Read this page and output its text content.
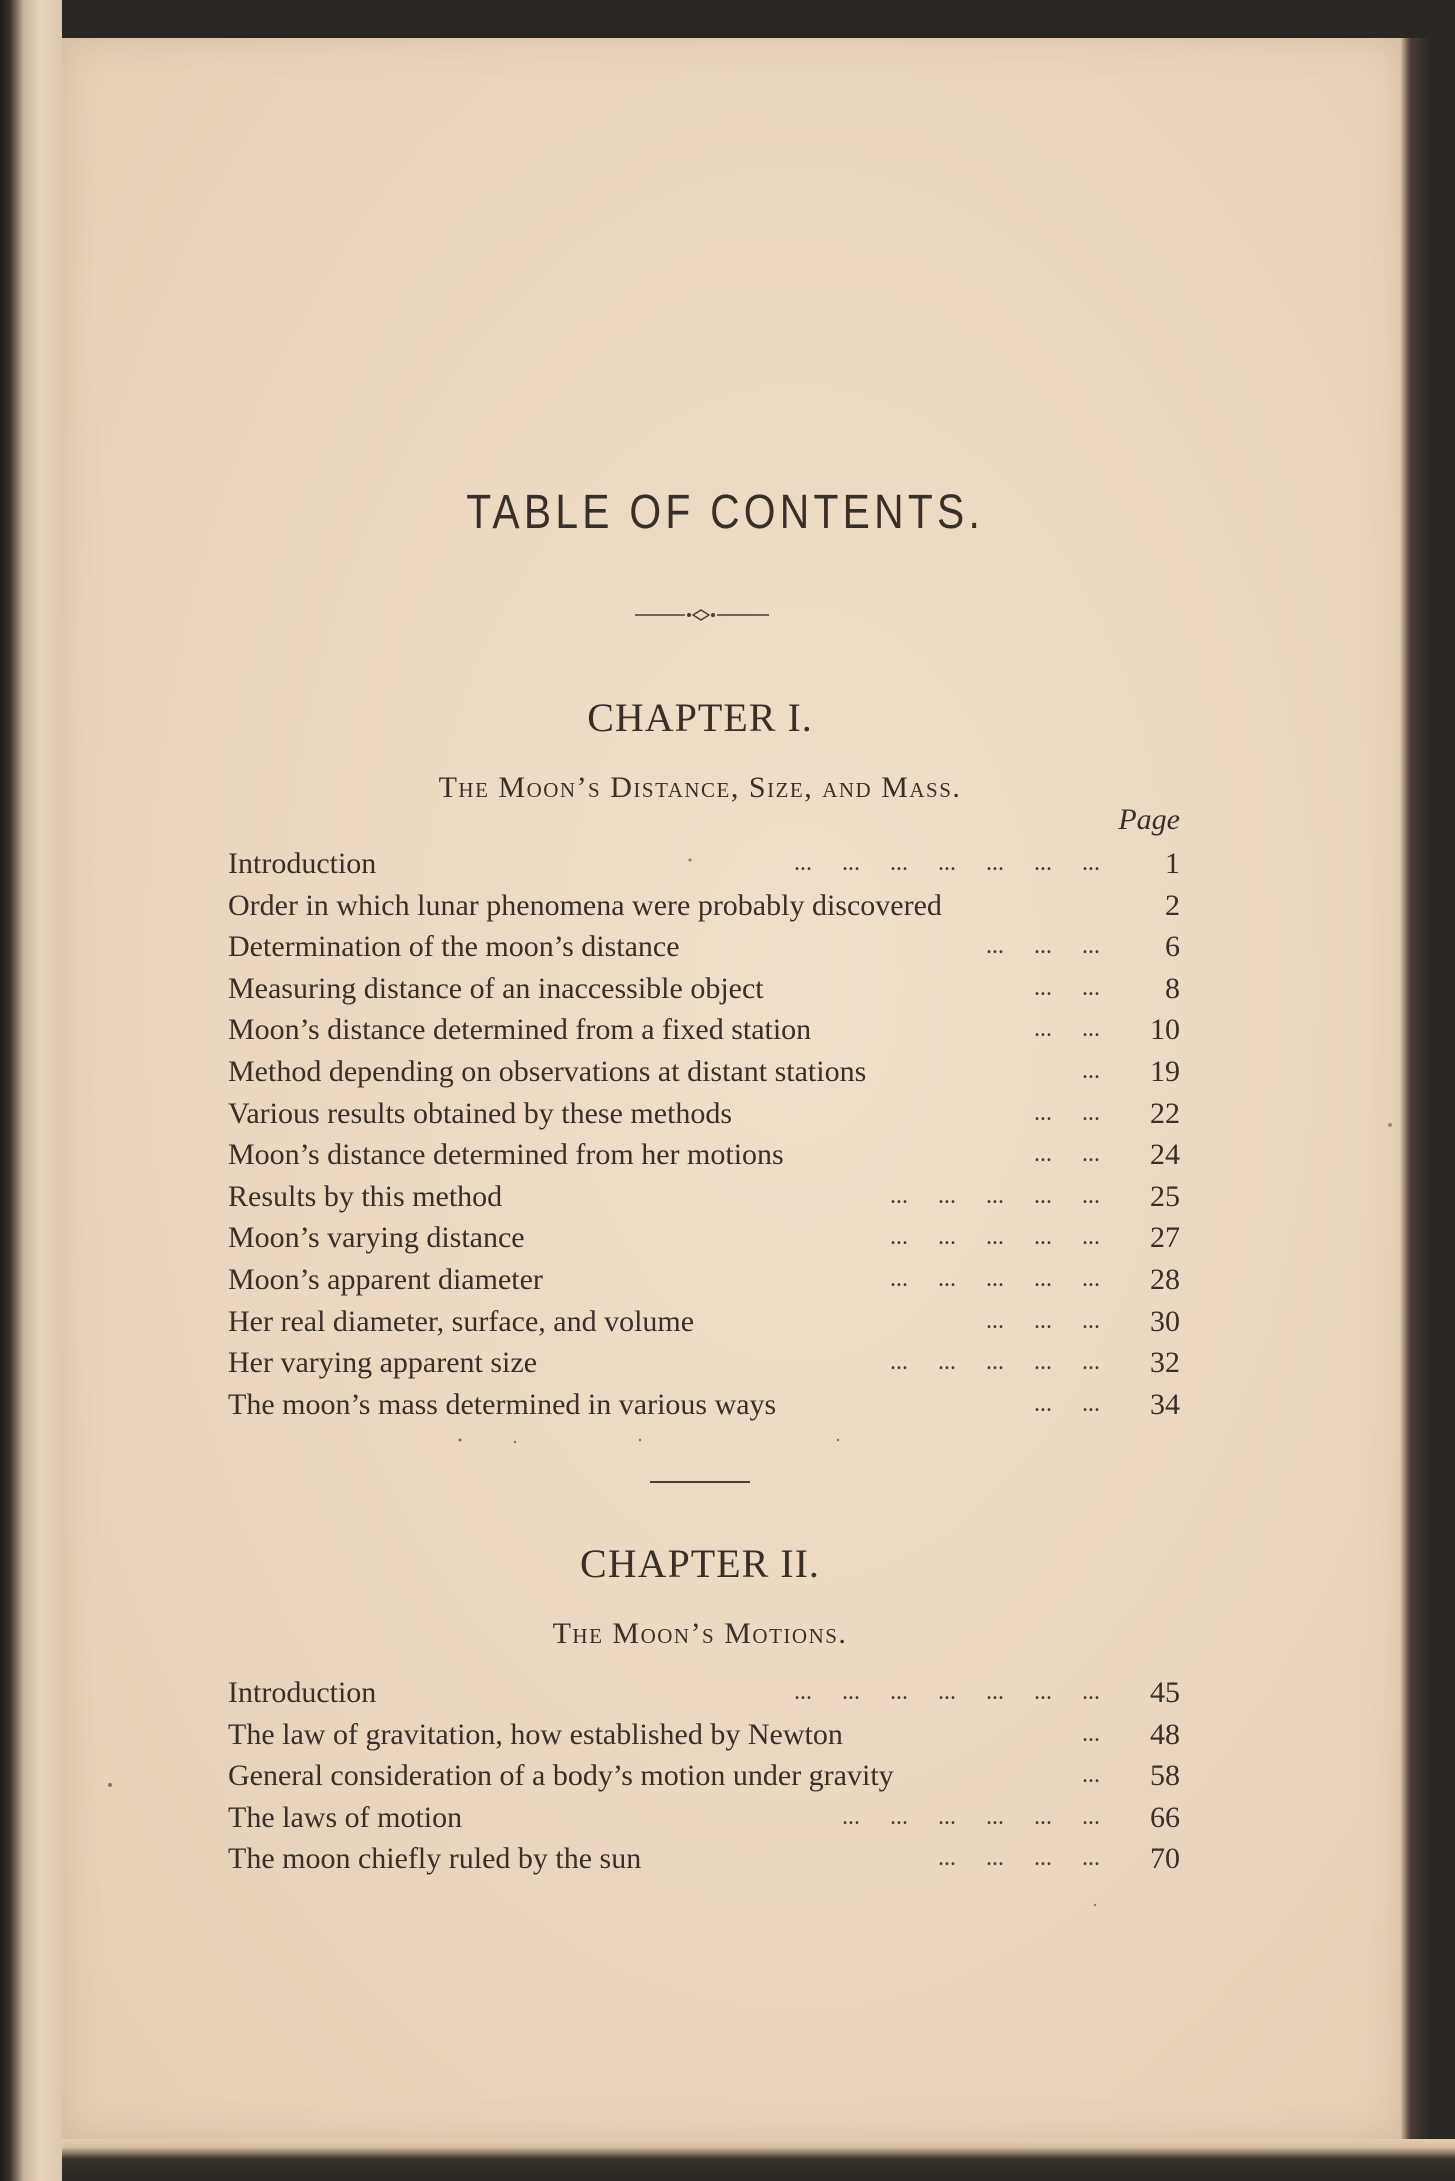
TABLE OF CONTENTS.
CHAPTER I.
The Moon’s Distance, Size, and Mass.
Page
Introduction	...     ...     ...     ...     ...     ...     ...	1
Order in which lunar phenomena were probably discovered	2
Determination of the moon’s distance	...     ...     ...	6
Measuring distance of an inaccessible object	...     ...	8
Moon’s distance determined from a fixed station	...     ...	10
Method depending on observations at distant stations	...	19
Various results obtained by these methods	...     ...	22
Moon’s distance determined from her motions	...     ...	24
Results by this method	...     ...     ...     ...     ...	25
Moon’s varying distance	...     ...     ...     ...     ...	27
Moon’s apparent diameter	...     ...     ...     ...     ...	28
Her real diameter, surface, and volume	...     ...     ...	30
Her varying apparent size	...     ...     ...     ...     ...	32
The moon’s mass determined in various ways	...     ...	34
CHAPTER II.
The Moon’s Motions.
Introduction	...     ...     ...     ...     ...     ...     ...	45
The law of gravitation, how established by Newton	...	48
General consideration of a body’s motion under gravity	...	58
The laws of motion	...     ...     ...     ...     ...     ...	66
The moon chiefly ruled by the sun	...     ...     ...     ...	70
